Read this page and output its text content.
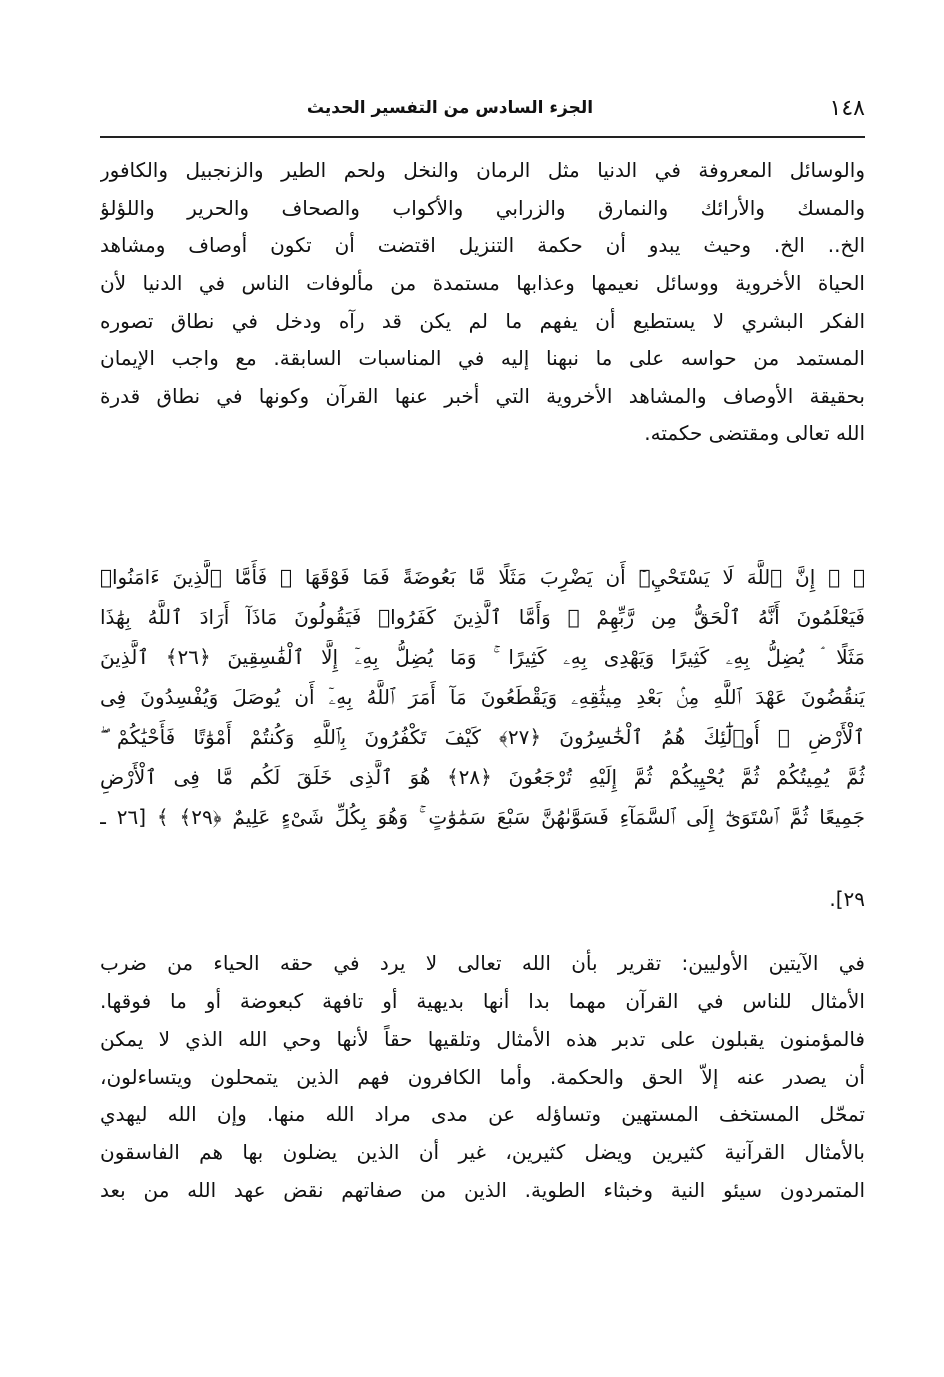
الجزء السادس من التفسير الحديث	١٤٨
والوسائل المعروفة في الدنيا مثل الرمان والنخل ولحم الطير والزنجبيل والكافور
والمسك والأرائك والنمارق والزرابي والأكواب والصحاف والحرير واللؤلؤ
الخ.. الخ. وحيث يبدو أن حكمة التنزيل اقتضت أن تكون أوصاف ومشاهد
الحياة الأخروية ووسائل نعيمها وعذابها مستمدة من مألوفات الناس في الدنيا لأن
الفكر البشري لا يستطيع أن يفهم ما لم يكن قد رآه ودخل في نطاق تصوره
المستمد من حواسه على ما نبهنا إليه في المناسبات السابقة. مع واجب الإيمان
بحقيقة الأوصاف والمشاهد الأخروية التي أخبر عنها القرآن وكونها في نطاق قدرة
الله تعالى ومقتضى حكمته.
﴿ ۞ إِنَّ ٱللَّهَ لَا يَسْتَحْيِۦٓ أَن يَضْرِبَ مَثَلًا مَّا بَعُوضَةً فَمَا فَوْقَهَا ۚ فَأَمَّا ٱلَّذِينَ ءَامَنُوا۟
فَيَعْلَمُونَ أَنَّهُ ٱلْحَقُّ مِن رَّبِّهِمْ ۖ وَأَمَّا ٱلَّذِينَ كَفَرُوا۟ فَيَقُولُونَ مَاذَآ أَرَادَ ٱللَّهُ بِهَٰذَا
مَثَلًا ۘ يُضِلُّ بِهِۦ كَثِيرًا وَيَهْدِى بِهِۦ كَثِيرًا ۚ وَمَا يُضِلُّ بِهِۦٓ إِلَّا ٱلْفَٰسِقِينَ ﴿٢٦﴾ ٱلَّذِينَ
يَنقُضُونَ عَهْدَ ٱللَّهِ مِنۢ بَعْدِ مِيثَٰقِهِۦ وَيَقْطَعُونَ مَآ أَمَرَ ٱللَّهُ بِهِۦٓ أَن يُوصَلَ وَيُفْسِدُونَ فِى
ٱلْأَرْضِ ۚ أُو۟لَٰٓئِكَ هُمُ ٱلْخَٰسِرُونَ ﴿٢٧﴾ كَيْفَ تَكْفُرُونَ بِٱللَّهِ وَكُنتُمْ أَمْوَٰتًا فَأَحْيَٰكُمْ ۖ
ثُمَّ يُمِيتُكُمْ ثُمَّ يُحْيِيكُمْ ثُمَّ إِلَيْهِ تُرْجَعُونَ ﴿٢٨﴾ هُوَ ٱلَّذِى خَلَقَ لَكُم مَّا فِى ٱلْأَرْضِ
جَمِيعًا ثُمَّ ٱسْتَوَىٰٓ إِلَى ٱلسَّمَآءِ فَسَوَّىٰهُنَّ سَبْعَ سَمَٰوَٰتٍ ۚ وَهُوَ بِكُلِّ شَىْءٍ عَلِيمٌ ﴿٢٩﴾ ﴾ [٢٦ ـ
٢٩].
في الآيتين الأوليين: تقرير بأن الله تعالى لا يرد في حقه الحياء من ضرب
الأمثال للناس في القرآن مهما بدا أنها بديهية أو تافهة كبعوضة أو ما فوقها.
فالمؤمنون يقبلون على تدبر هذه الأمثال وتلقيها حقاً لأنها وحي الله الذي لا يمكن
أن يصدر عنه إلاّ الحق والحكمة. وأما الكافرون فهم الذين يتمحلون ويتساءلون،
تمحّل المستخف المستهين وتساؤله عن مدى مراد الله منها. وإن الله ليهدي
بالأمثال القرآنية كثيرين ويضل كثيرين، غير أن الذين يضلون بها هم الفاسقون
المتمردون سيئو النية وخبثاء الطوية. الذين من صفاتهم نقض عهد الله من بعد
